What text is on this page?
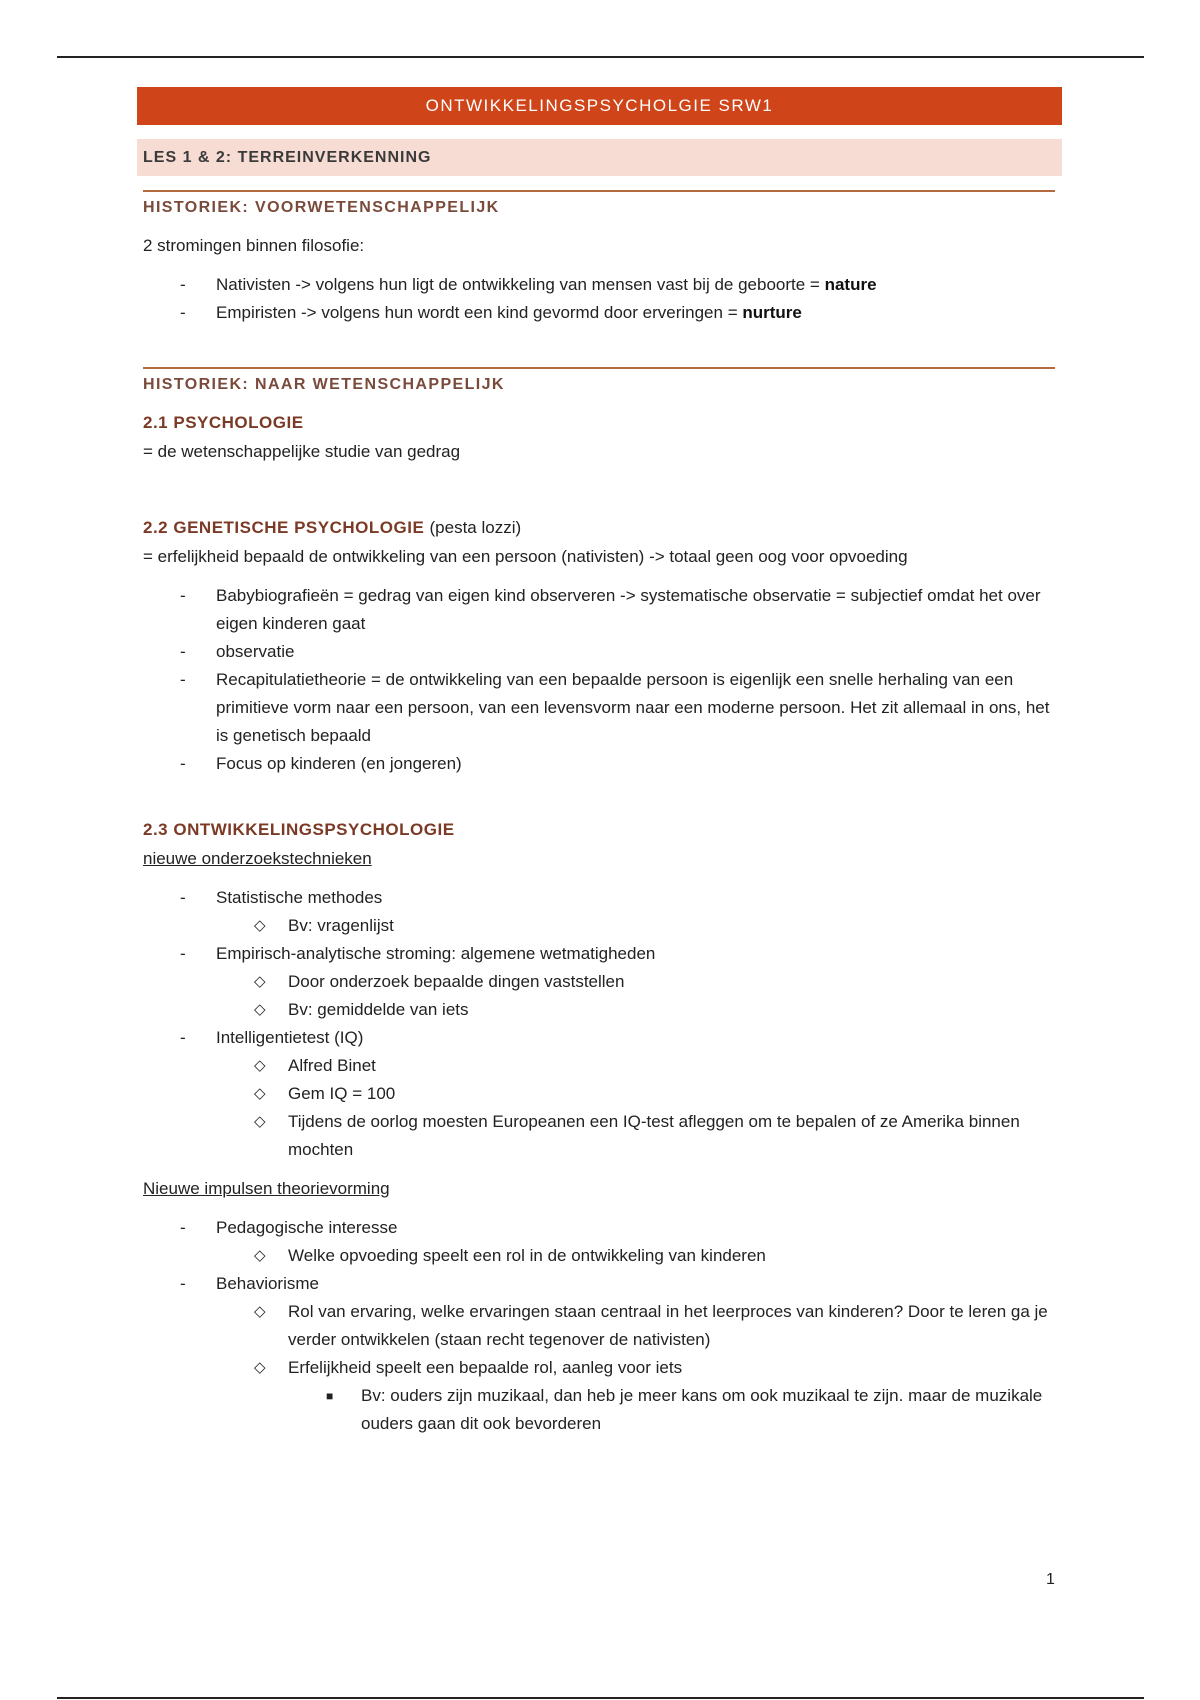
ONTWIKKELINGSPSYCHOLGIE SRW1
LES 1 & 2: TERREINVERKENNING
HISTORIEK: VOORWETENSCHAPPELIJK
2 stromingen binnen filosofie:
- Nativisten -> volgens hun ligt de ontwikkeling van mensen vast bij de geboorte = nature
- Empiristen -> volgens hun wordt een kind gevormd door erveringen = nurture
HISTORIEK: NAAR WETENSCHAPPELIJK
2.1 PSYCHOLOGIE
= de wetenschappelijke studie van gedrag
2.2 GENETISCHE PSYCHOLOGIE (pesta lozzi)
= erfelijkheid bepaald de ontwikkeling van een persoon (nativisten) -> totaal geen oog voor opvoeding
- Babybiografieën = gedrag van eigen kind observeren -> systematische observatie = subjectief omdat het over eigen kinderen gaat
- observatie
- Recapitulatietheorie = de ontwikkeling van een bepaalde persoon is eigenlijk een snelle herhaling van een primitieve vorm naar een persoon, van een levensvorm naar een moderne persoon. Het zit allemaal in ons, het is genetisch bepaald
- Focus op kinderen (en jongeren)
2.3 ONTWIKKELINGSPSYCHOLOGIE
nieuwe onderzoekstechnieken
- Statistische methodes
◇ Bv: vragenlijst
- Empirisch-analytische stroming: algemene wetmatigheden
◇ Door onderzoek bepaalde dingen vaststellen
◇ Bv: gemiddelde van iets
- Intelligentietest (IQ)
◇ Alfred Binet
◇ Gem IQ = 100
◇ Tijdens de oorlog moesten Europeanen een IQ-test afleggen om te bepalen of ze Amerika binnen mochten
Nieuwe impulsen theorievorming
- Pedagogische interesse
◇ Welke opvoeding speelt een rol in de ontwikkeling van kinderen
- Behaviorisme
◇ Rol van ervaring, welke ervaringen staan centraal in het leerproces van kinderen? Door te leren ga je verder ontwikkelen (staan recht tegenover de nativisten)
◇ Erfelijkheid speelt een bepaalde rol, aanleg voor iets
■ Bv: ouders zijn muzikaal, dan heb je meer kans om ook muzikaal te zijn. maar de muzikale ouders gaan dit ook bevorderen
1
